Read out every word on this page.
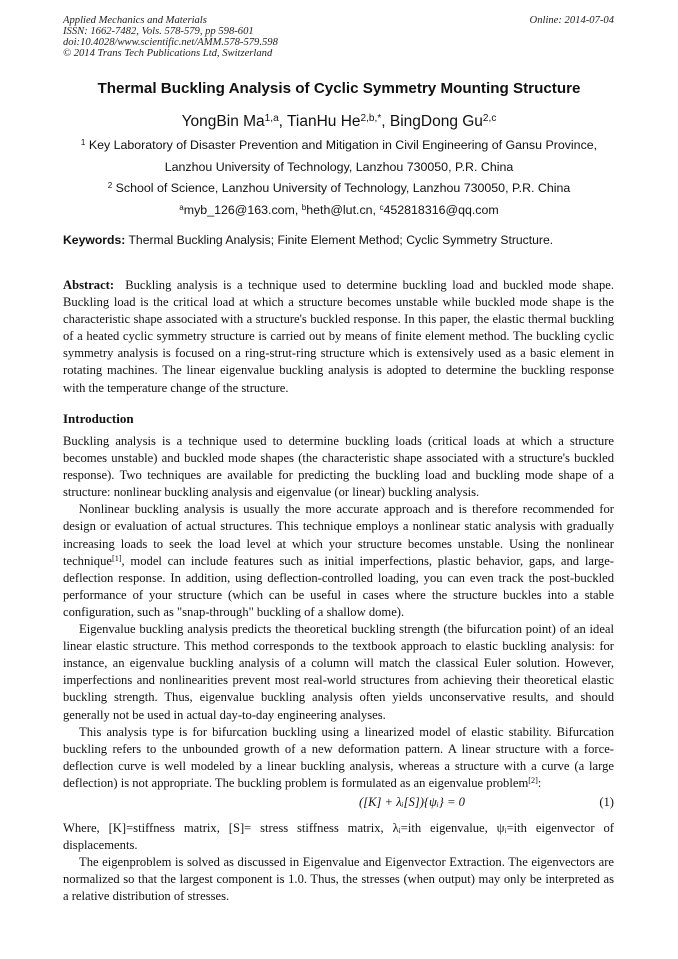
Applied Mechanics and Materials
ISSN: 1662-7482, Vols. 578-579, pp 598-601
doi:10.4028/www.scientific.net/AMM.578-579.598
© 2014 Trans Tech Publications Ltd, Switzerland
Online: 2014-07-04
Thermal Buckling Analysis of Cyclic Symmetry Mounting Structure
YongBin Ma$^{1,a}$, TianHu $He^{2,b,*}$, BingDong Gu$^{2,c}$
$^1$ Key Laboratory of Disaster Prevention and Mitigation in Civil Engineering of Gansu Province,
Lanzhou University of Technology, Lanzhou 730050, P.R. China
$^2$ School of Science, Lanzhou University of Technology, Lanzhou 730050, P.R. China
$^a$myb_126@163.com, $^b$heth@lut.cn, $^c$452818316@qq.com
Keywords: Thermal Buckling Analysis; Finite Element Method; Cyclic Symmetry Structure.

Abstract: Buckling analysis is a technique used to determine buckling load and buckled mode shape. Buckling load is the critical load at which a structure becomes unstable while buckled mode shape is the characteristic shape associated with a structure's buckled response. In this paper, the elastic thermal buckling of a heated cyclic symmetry structure is carried out by means of finite element method. The buckling cyclic symmetry analysis is focused on a ring-strut-ring structure which is extensively used as a basic element in rotating machines. The linear eigenvalue buckling analysis is adopted to determine the buckling response with the temperature change of the structure.

Introduction

Buckling analysis is a technique used to determine buckling loads (critical loads at which a structure becomes unstable) and buckled mode shapes (the characteristic shape associated with a structure's buckled response). Two techniques are available for predicting the buckling load and buckling mode shape of a structure: nonlinear buckling analysis and eigenvalue (or linear) buckling analysis.

Nonlinear buckling analysis is usually the more accurate approach and is therefore recommended for design or evaluation of actual structures. This technique employs a nonlinear static analysis with gradually increasing loads to seek the load level at which your structure becomes unstable. Using the nonlinear technique[1], model can include features such as initial imperfections, plastic behavior, gaps, and large-deflection response. In addition, using deflection-controlled loading, you can even track the post-buckled performance of your structure (which can be useful in cases where the structure buckles into a stable configuration, such as "snap-through" buckling of a shallow dome).

Eigenvalue buckling analysis predicts the theoretical buckling strength (the bifurcation point) of an ideal linear elastic structure. This method corresponds to the textbook approach to elastic buckling analysis: for instance, an eigenvalue buckling analysis of a column will match the classical Euler solution. However, imperfections and nonlinearities prevent most real-world structures from achieving their theoretical elastic buckling strength. Thus, eigenvalue buckling analysis often yields unconservative results, and should generally not be used in actual day-to-day engineering analyses.

This analysis type is for bifurcation buckling using a linearized model of elastic stability. Bifurcation buckling refers to the unbounded growth of a new deformation pattern. A linear structure with a force-deflection curve is well modeled by a linear buckling analysis, whereas a structure with a curve (a large deflection) is not appropriate. The buckling problem is formulated as an eigenvalue problem[2]:

([K] + λᵢ[S]){ψᵢ} = 0	(1)

Where, [K]=stiffness matrix, [S]= stress stiffness matrix, λᵢ=ith eigenvalue, ψᵢ=ith eigenvector of displacements.

The eigenproblem is solved as discussed in Eigenvalue and Eigenvector Extraction. The eigenvectors are normalized so that the largest component is 1.0. Thus, the stresses (when output) may only be interpreted as a relative distribution of stresses.
